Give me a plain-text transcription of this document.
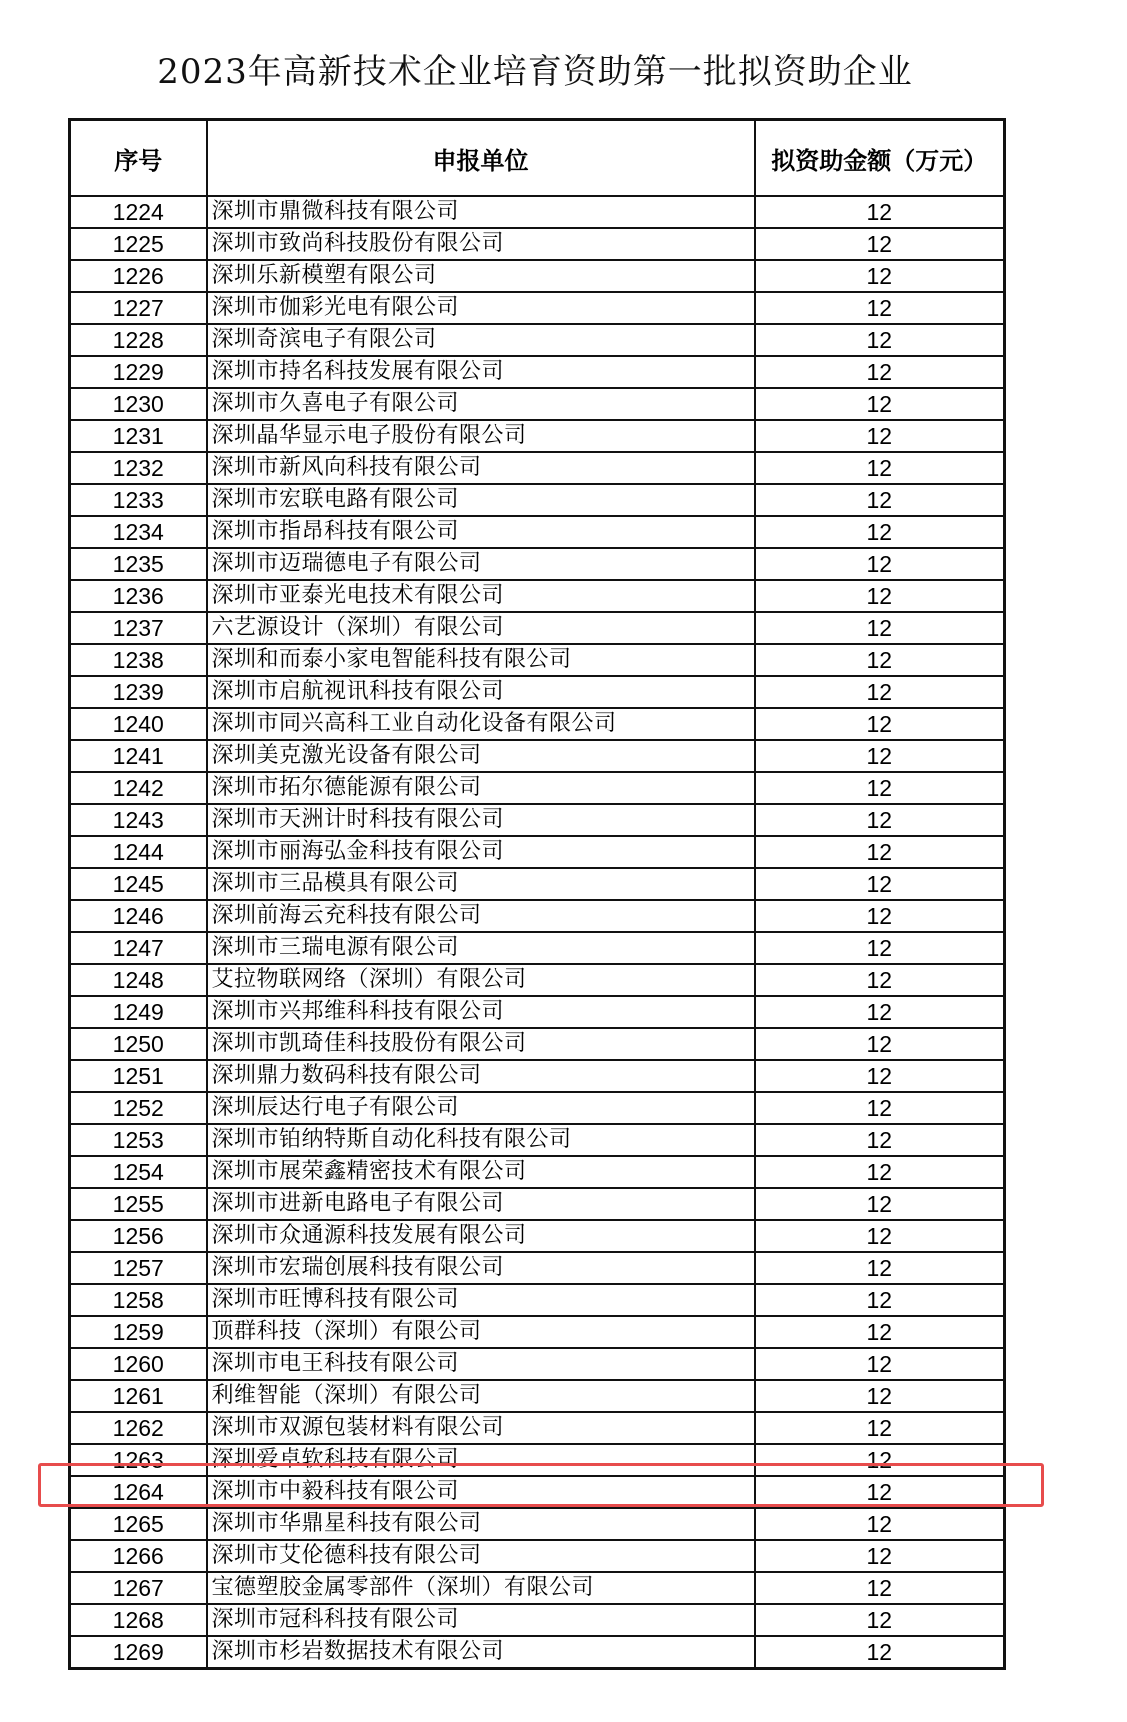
2023年高新技术企业培育资助第一批拟资助企业
序号	申报单位	拟资助金额（万元）
1224	深圳市鼎微科技有限公司	12
1225	深圳市致尚科技股份有限公司	12
1226	深圳乐新模塑有限公司	12
1227	深圳市伽彩光电有限公司	12
1228	深圳奇滨电子有限公司	12
1229	深圳市持名科技发展有限公司	12
1230	深圳市久喜电子有限公司	12
1231	深圳晶华显示电子股份有限公司	12
1232	深圳市新风向科技有限公司	12
1233	深圳市宏联电路有限公司	12
1234	深圳市指昂科技有限公司	12
1235	深圳市迈瑞德电子有限公司	12
1236	深圳市亚泰光电技术有限公司	12
1237	六艺源设计（深圳）有限公司	12
1238	深圳和而泰小家电智能科技有限公司	12
1239	深圳市启航视讯科技有限公司	12
1240	深圳市同兴高科工业自动化设备有限公司	12
1241	深圳美克激光设备有限公司	12
1242	深圳市拓尔德能源有限公司	12
1243	深圳市天洲计时科技有限公司	12
1244	深圳市丽海弘金科技有限公司	12
1245	深圳市三品模具有限公司	12
1246	深圳前海云充科技有限公司	12
1247	深圳市三瑞电源有限公司	12
1248	艾拉物联网络（深圳）有限公司	12
1249	深圳市兴邦维科科技有限公司	12
1250	深圳市凯琦佳科技股份有限公司	12
1251	深圳鼎力数码科技有限公司	12
1252	深圳辰达行电子有限公司	12
1253	深圳市铂纳特斯自动化科技有限公司	12
1254	深圳市展荣鑫精密技术有限公司	12
1255	深圳市进新电路电子有限公司	12
1256	深圳市众通源科技发展有限公司	12
1257	深圳市宏瑞创展科技有限公司	12
1258	深圳市旺博科技有限公司	12
1259	顶群科技（深圳）有限公司	12
1260	深圳市电王科技有限公司	12
1261	利维智能（深圳）有限公司	12
1262	深圳市双源包装材料有限公司	12
1263	深圳爱卓软科技有限公司	12
1264	深圳市中毅科技有限公司	12
1265	深圳市华鼎星科技有限公司	12
1266	深圳市艾伦德科技有限公司	12
1267	宝德塑胶金属零部件（深圳）有限公司	12
1268	深圳市冠科科技有限公司	12
1269	深圳市杉岩数据技术有限公司	12
